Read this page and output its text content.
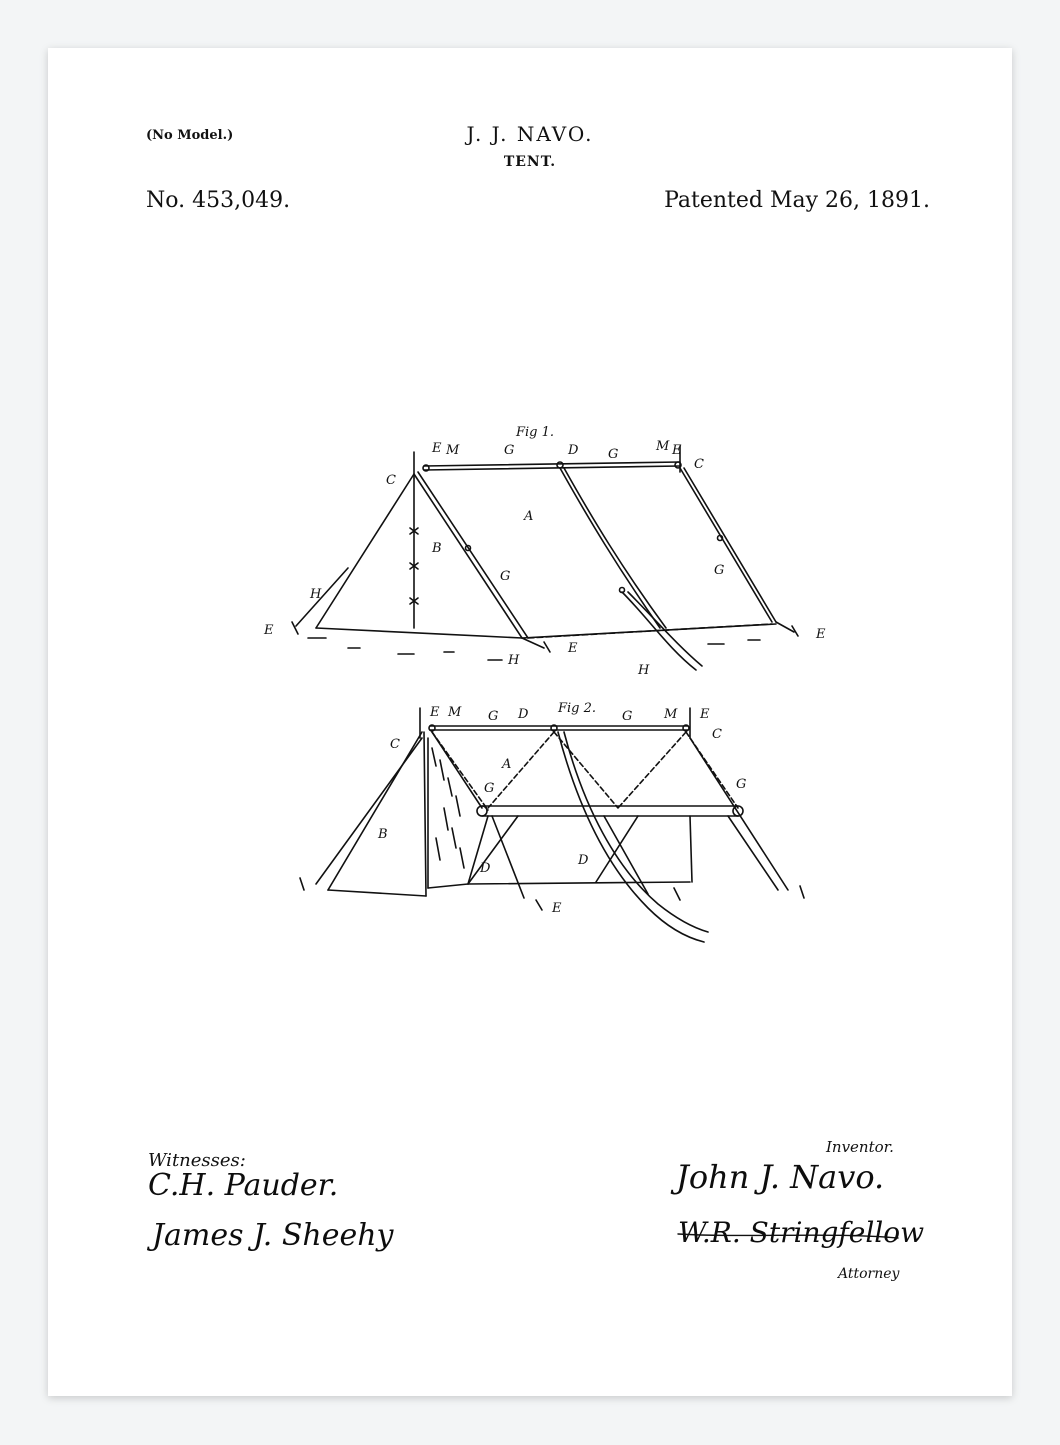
(No Model.)	J. J. NAVO.
TENT.
No. 453,049.	Patented May 26, 1891.
Fig 1.
E M	G	D G
M E
C
C
A
B
G	G
H
E
H
E
H
E
Fig 2.
E M G D	G M E
C
C
A
G	G
B
D
D
E
Witnesses:
C.H. Pauder.
James J. Sheehy
Inventor.
John J. Navo.
W.R. Stringfellow
Attorney
